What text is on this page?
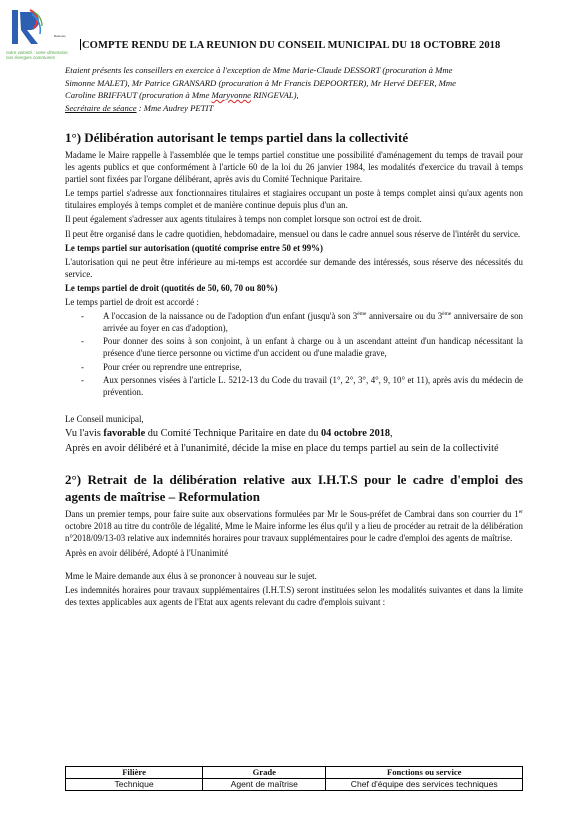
Raismes
notre volonté : votre dimension, nos énergies communes
COMPTE RENDU DE LA REUNION DU CONSEIL MUNICIPAL DU 18 OCTOBRE 2018

Etaient présents les conseillers en exercice à l'exception de Mme Marie-Claude DESSORT (procuration à Mme

Simonne MALET), Mr Patrice GRANSARD (procuration à Mr Francis DEPOORTER), Mr Hervé DEFER, Mme

Caroline BRIFFAUT (procuration à Mme Maryvonne RINGEVAL),

Secrétaire de séance : Mme Audrey PETIT

1°) Délibération autorisant le temps partiel dans la collectivité

Madame le Maire rappelle à l'assemblée que le temps partiel constitue une possibilité d'aménagement du temps de travail pour les agents publics et que conformément à l'article 60 de la loi du 26 janvier 1984, les modalités d'exercice du travail à temps partiel sont fixées par l'organe délibérant, après avis du Comité Technique Paritaire.

Le temps partiel s'adresse aux fonctionnaires titulaires et stagiaires occupant un poste à temps complet ainsi qu'aux agents non titulaires employés à temps complet et de manière continue depuis plus d'un an.

Il peut également s'adresser aux agents titulaires à temps non complet lorsque son octroi est de droit.

Il peut être organisé dans le cadre quotidien, hebdomadaire, mensuel ou dans le cadre annuel sous réserve de l'intérêt du service.

Le temps partiel sur autorisation (quotité comprise entre 50 et 99%)

L'autorisation qui ne peut être inférieure au mi-temps est accordée sur demande des intéressés, sous réserve des nécessités du service.

Le temps partiel de droit (quotités de 50, 60, 70 ou 80%)

Le temps partiel de droit est accordé :

- A l'occasion de la naissance ou de l'adoption d'un enfant (jusqu'à son 3ème anniversaire ou du 3ème anniversaire de son arrivée au foyer en cas d'adoption),
- Pour donner des soins à son conjoint, à un enfant à charge ou à un ascendant atteint d'un handicap nécessitant la présence d'une tierce personne ou victime d'un accident ou d'une maladie grave,
- Pour créer ou reprendre une entreprise,
- Aux personnes visées à l'article L. 5212-13 du Code du travail (1°, 2°, 3°, 4°, 9, 10° et 11), après avis du médecin de prévention.

Le Conseil municipal,

Vu l'avis favorable du Comité Technique Paritaire en date du 04 octobre 2018,

Après en avoir délibéré et à l'unanimité, décide la mise en place du temps partiel au sein de la collectivité

2°) Retrait de la délibération relative aux I.H.T.S pour le cadre d'emploi des agents de maîtrise – Reformulation

Dans un premier temps, pour faire suite aux observations formulées par Mr le Sous-préfet de Cambrai dans son courrier du 1er octobre 2018 au titre du contrôle de légalité, Mme le Maire informe les élus qu'il y a lieu de procéder au retrait de la délibération n°2018/09/13-03 relative aux indemnités horaires pour travaux supplémentaires pour le cadre d'emploi des agents de maîtrise.

Après en avoir délibéré, Adopté à l'Unanimité

Mme le Maire demande aux élus à se prononcer à nouveau sur le sujet.

Les indemnités horaires pour travaux supplémentaires (I.H.T.S) seront instituées selon les modalités suivantes et dans la limite des textes applicables aux agents de l'Etat aux agents relevant du cadre d'emplois suivant :

Filière	Grade	Fonctions ou service
Technique	Agent de maîtrise	Chef d'équipe des services techniques
